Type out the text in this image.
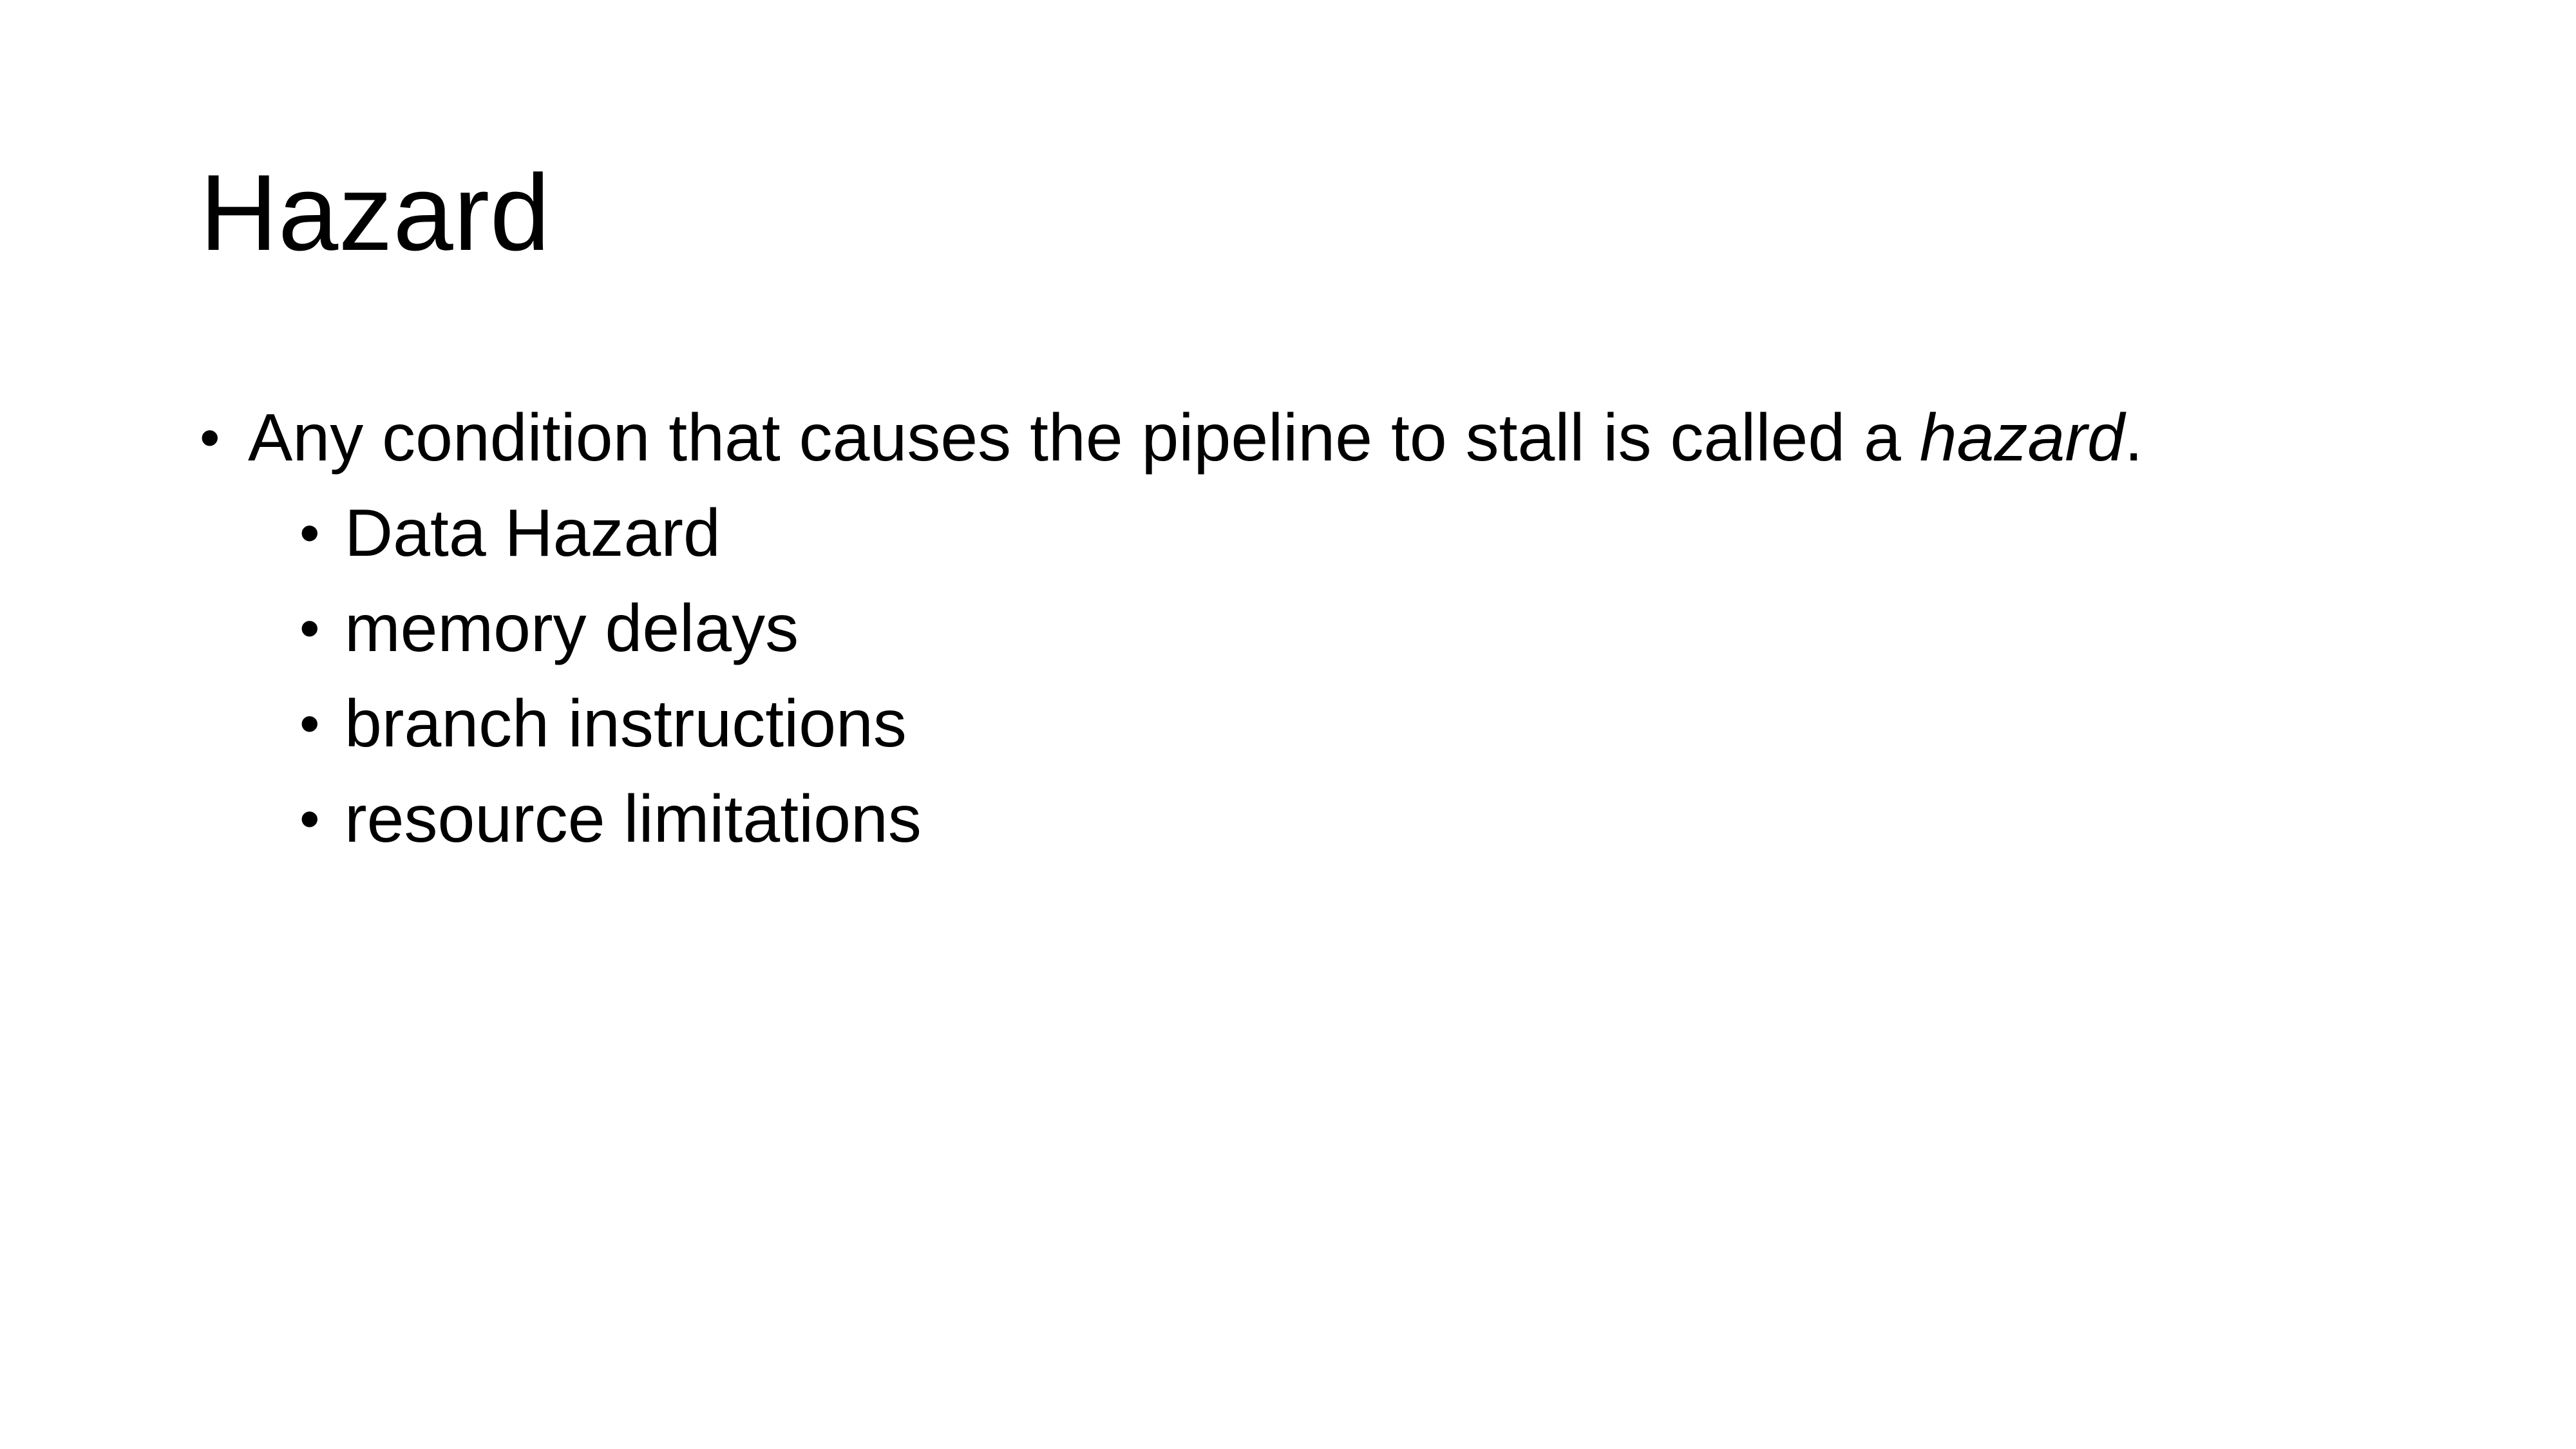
Hazard
• Any condition that causes the pipeline to stall is called a hazard.
• Data Hazard
• memory delays
• branch instructions
• resource limitations
